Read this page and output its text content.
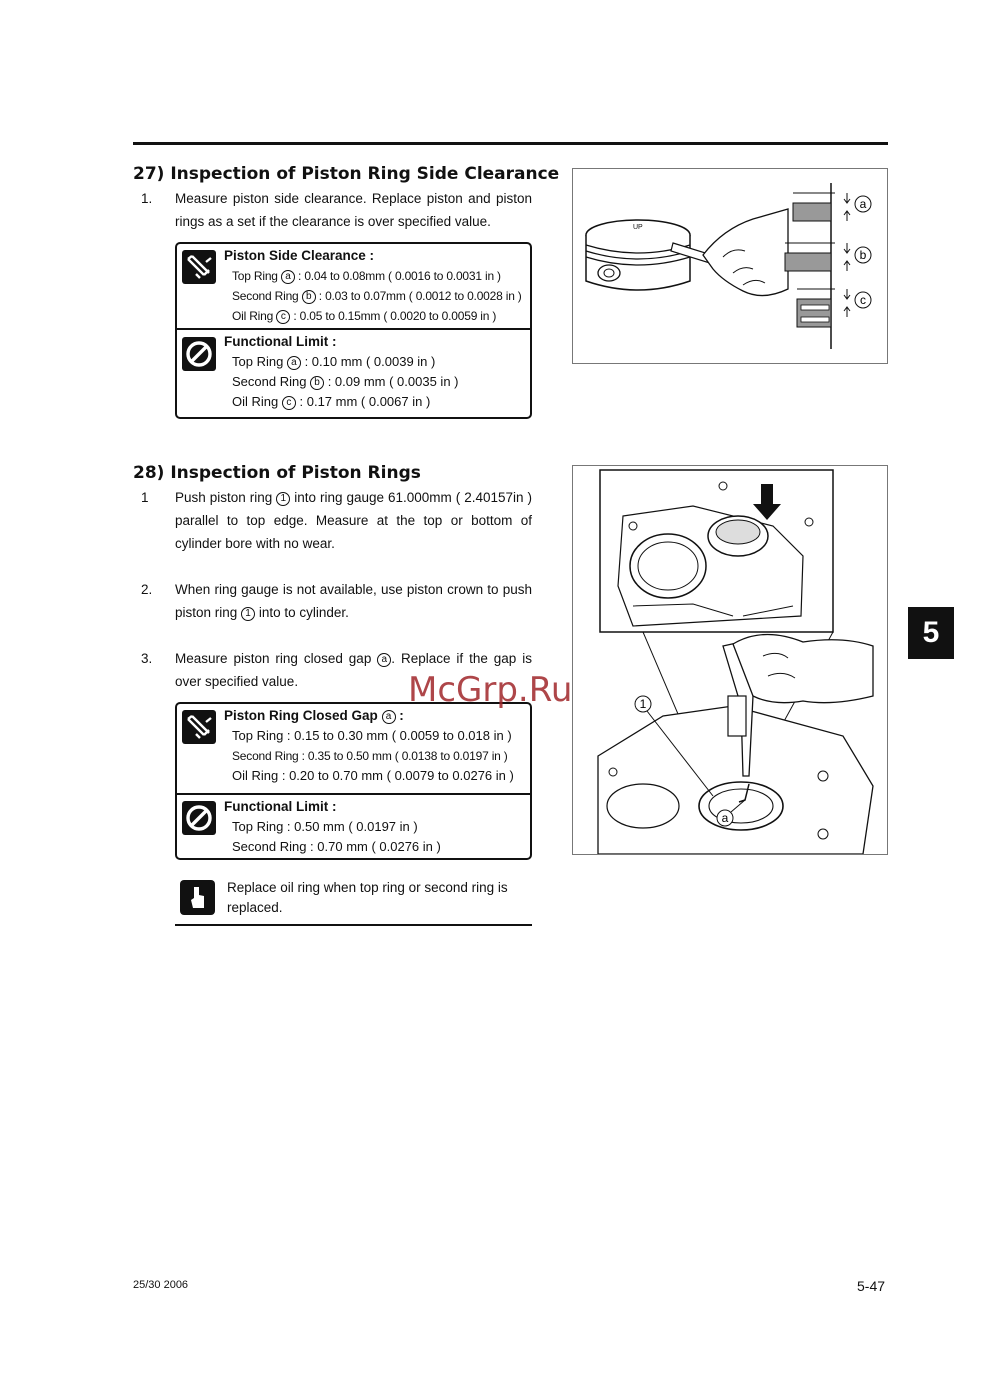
27) Inspection of Piston Ring Side Clearance
1. Measure piston side clearance. Replace piston and piston rings as a set if the clearance is over specified value.
Piston Side Clearance :
Top Ring a : 0.04 to 0.08mm ( 0.0016 to 0.0031 in )
Second Ring b : 0.03 to 0.07mm ( 0.0012 to 0.0028 in )
Oil Ring c : 0.05 to 0.15mm ( 0.0020 to 0.0059 in )
Functional Limit :
Top Ring a : 0.10 mm ( 0.0039 in )
Second Ring b : 0.09 mm ( 0.0035 in )
Oil Ring c : 0.17 mm ( 0.0067 in )
UP
a
b
c
28) Inspection of Piston Rings
1 Push piston ring 1 into ring gauge 61.000mm ( 2.40157in ) parallel to top edge. Measure at the top or bottom of cylinder bore with no wear.
2. When ring gauge is not available, use piston crown to push piston ring 1 into to cylinder.
3. Measure piston ring closed gap a . Replace if the gap is over specified value.
Piston Ring Closed Gap a :
Top Ring : 0.15 to 0.30 mm ( 0.0059 to 0.018 in )
Second Ring : 0.35 to 0.50 mm ( 0.0138 to 0.0197 in )
Oil Ring : 0.20 to 0.70 mm ( 0.0079 to 0.0276 in )
Functional Limit :
Top Ring : 0.50 mm ( 0.0197 in )
Second Ring : 0.70 mm ( 0.0276 in )
Replace oil ring when top ring or second ring is replaced.
1
a
McGrp.Ru
5
25/30 2006	5-47
